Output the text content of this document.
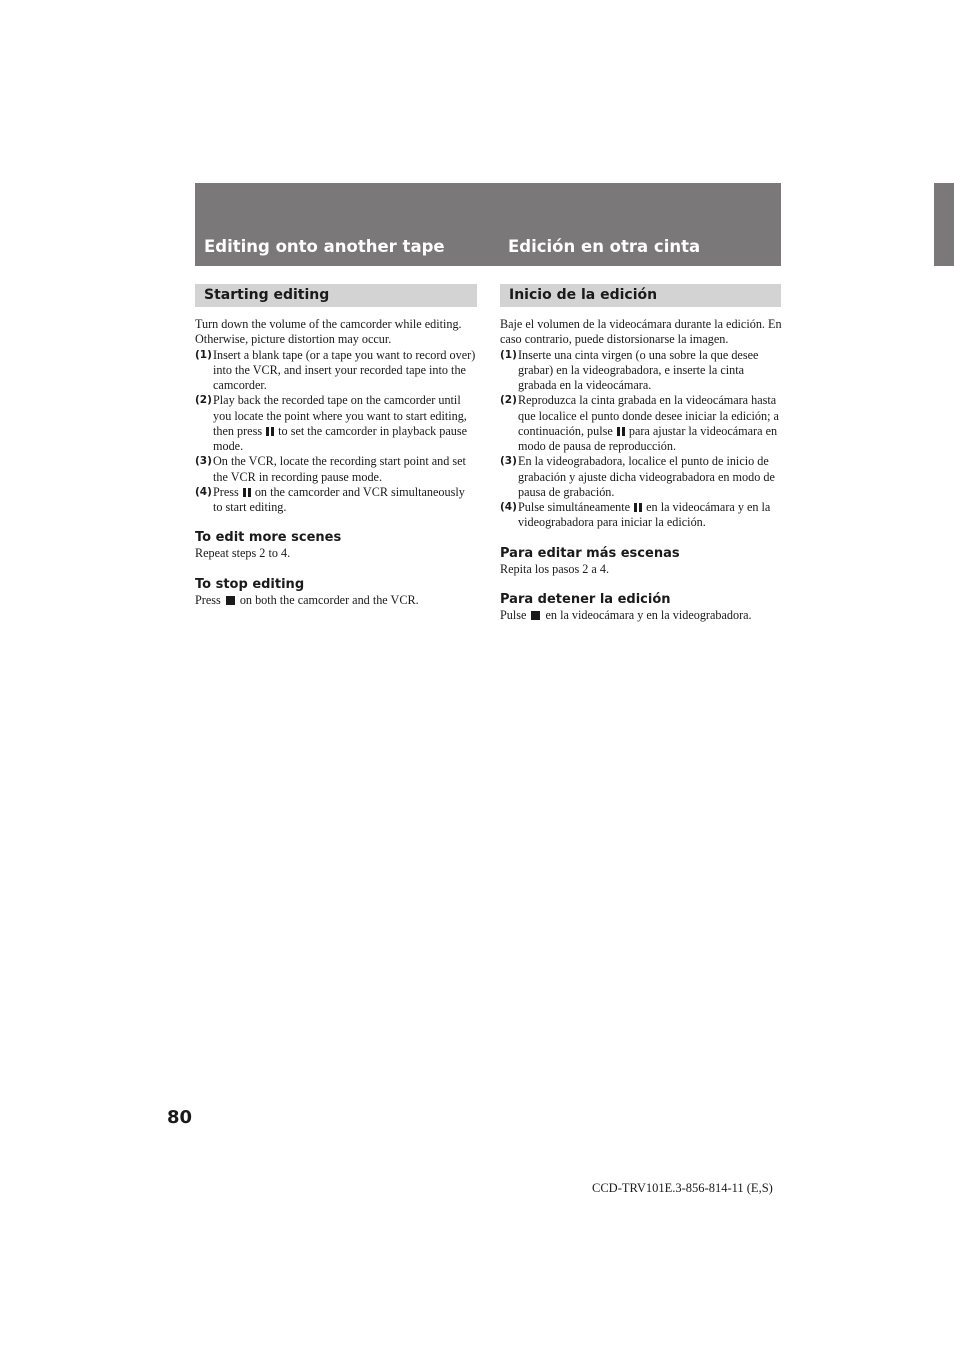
Editing onto another tape	Edición en otra cinta
Starting editing

Turn down the volume of the camcorder while editing. Otherwise, picture distortion may occur.

(1) Insert a blank tape (or a tape you want to record over) into the VCR, and insert your recorded tape into the camcorder.
(2) Play back the recorded tape on the camcorder until you locate the point where you want to start editing, then press to set the camcorder in playback pause mode.
(3) On the VCR, locate the recording start point and set the VCR in recording pause mode.
(4) Press on the camcorder and VCR simultaneously to start editing.
To edit more scenes

Repeat steps 2 to 4.

To stop editing

Press on both the camcorder and the VCR.

Inicio de la edición

Baje el volumen de la videocámara durante la edición. En caso contrario, puede distorsionarse la imagen.

(1) Inserte una cinta virgen (o una sobre la que desee grabar) en la videograbadora, e inserte la cinta grabada en la videocámara.
(2) Reproduzca la cinta grabada en la videocámara hasta que localice el punto donde desee iniciar la edición; a continuación, pulse para ajustar la videocámara en modo de pausa de reproducción.
(3) En la videograbadora, localice el punto de inicio de grabación y ajuste dicha videograbadora en modo de pausa de grabación.
(4) Pulse simultáneamente en la videocámara y en la videograbadora para iniciar la edición.
Para editar más escenas

Repita los pasos 2 a 4.

Para detener la edición

Pulse en la videocámara y en la videograbadora.

80
CCD-TRV101E.3-856-814-11 (E,S)
